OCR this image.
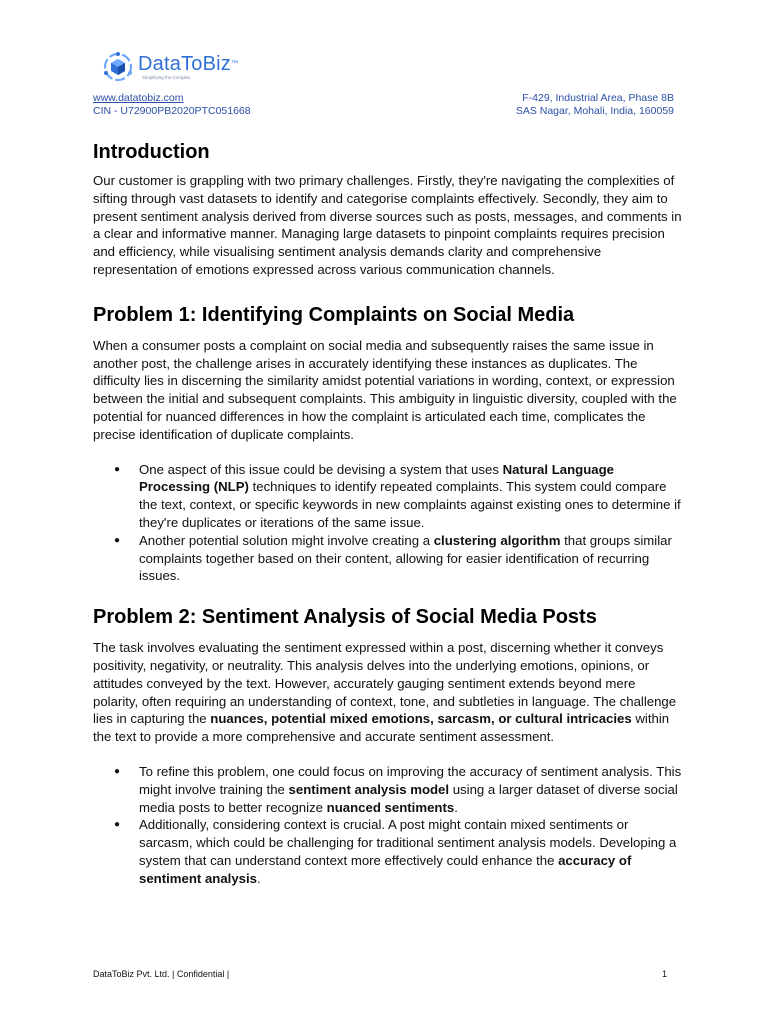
DataToBiz™
Simplifying the Complex
www.datatobiz.com
CIN - U72900PB2020PTC051668
F-429, Industrial Area, Phase 8B
SAS Nagar, Mohali, India, 160059
Introduction

Our customer is grappling with two primary challenges. Firstly, they're navigating the complexities of sifting through vast datasets to identify and categorise complaints effectively. Secondly, they aim to present sentiment analysis derived from diverse sources such as posts, messages, and comments in a clear and informative manner. Managing large datasets to pinpoint complaints requires precision and efficiency, while visualising sentiment analysis demands clarity and comprehensive representation of emotions expressed across various communication channels.

Problem 1: Identifying Complaints on Social Media

When a consumer posts a complaint on social media and subsequently raises the same issue in another post, the challenge arises in accurately identifying these instances as duplicates. The difficulty lies in discerning the similarity amidst potential variations in wording, context, or expression between the initial and subsequent complaints. This ambiguity in linguistic diversity, coupled with the potential for nuanced differences in how the complaint is articulated each time, complicates the precise identification of duplicate complaints.

● One aspect of this issue could be devising a system that uses Natural Language Processing (NLP) techniques to identify repeated complaints. This system could compare the text, context, or specific keywords in new complaints against existing ones to determine if they're duplicates or iterations of the same issue.
● Another potential solution might involve creating a clustering algorithm that groups similar complaints together based on their content, allowing for easier identification of recurring issues.
Problem 2: Sentiment Analysis of Social Media Posts

The task involves evaluating the sentiment expressed within a post, discerning whether it conveys positivity, negativity, or neutrality. This analysis delves into the underlying emotions, opinions, or attitudes conveyed by the text. However, accurately gauging sentiment extends beyond mere polarity, often requiring an understanding of context, tone, and subtleties in language. The challenge lies in capturing the nuances, potential mixed emotions, sarcasm, or cultural intricacies within the text to provide a more comprehensive and accurate sentiment assessment.

● To refine this problem, one could focus on improving the accuracy of sentiment analysis. This might involve training the sentiment analysis model using a larger dataset of diverse social media posts to better recognize nuanced sentiments.
● Additionally, considering context is crucial. A post might contain mixed sentiments or sarcasm, which could be challenging for traditional sentiment analysis models. Developing a system that can understand context more effectively could enhance the accuracy of sentiment analysis.
DataToBiz Pvt. Ltd. | Confidential |	1
